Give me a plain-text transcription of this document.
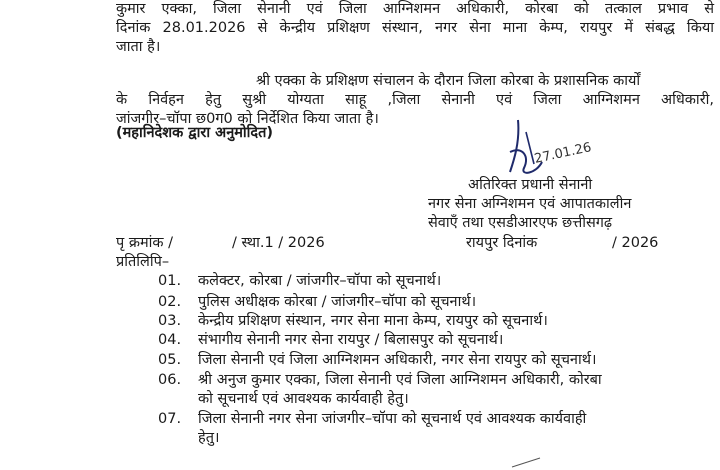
कुमार एक्का, जिला सेनानी एवं जिला आग्निशमन अधिकारी, कोरबा को तत्काल प्रभाव से
दिनांक 28.01.2026 से केन्द्रीय प्रशिक्षण संस्थान, नगर सेना माना केम्प, रायपुर में संबद्ध किया
जाता है।
श्री एक्का के प्रशिक्षण संचालन के दौरान जिला कोरबा के प्रशासनिक कार्यों
के निर्वहन हेतु सुश्री योग्यता साहू ,जिला सेनानी एवं जिला आग्निशमन अधिकारी,
जांजगीर–चॉपा छ0ग0 को निर्देशित किया जाता है।
(महानिदेशक द्वारा अनुमोदित)
27.01.26
अतिरिक्त प्रधानी सेनानी
नगर सेना अग्निशमन एवं आपातकालीन
सेवाएँ तथा एसडीआरएफ छत्तीसगढ़
रायपुर दिनांक	/ 2026
पृ क्रमांक /	/ स्था.1 / 2026
प्रतिलिपि–
01. कलेक्टर, कोरबा / जांजगीर–चॉपा को सूचनार्थ।
02. पुलिस अधीक्षक कोरबा / जांजगीर–चॉपा को सूचनार्थ।
03. केन्द्रीय प्रशिक्षण संस्थान, नगर सेना माना केम्प, रायपुर को सूचनार्थ।
04. संभागीय सेनानी नगर सेना रायपुर / बिलासपुर को सूचनार्थ।
05. जिला सेनानी एवं जिला आग्निशमन अधिकारी, नगर सेना रायपुर को सूचनार्थ।
06. श्री अनुज कुमार एक्का, जिला सेनानी एवं जिला आग्निशमन अधिकारी, कोरबा
को सूचनार्थ एवं आवश्यक कार्यवाही हेतु।
07. जिला सेनानी नगर सेना जांजगीर–चॉपा को सूचनार्थ एवं आवश्यक कार्यवाही
हेतु।
